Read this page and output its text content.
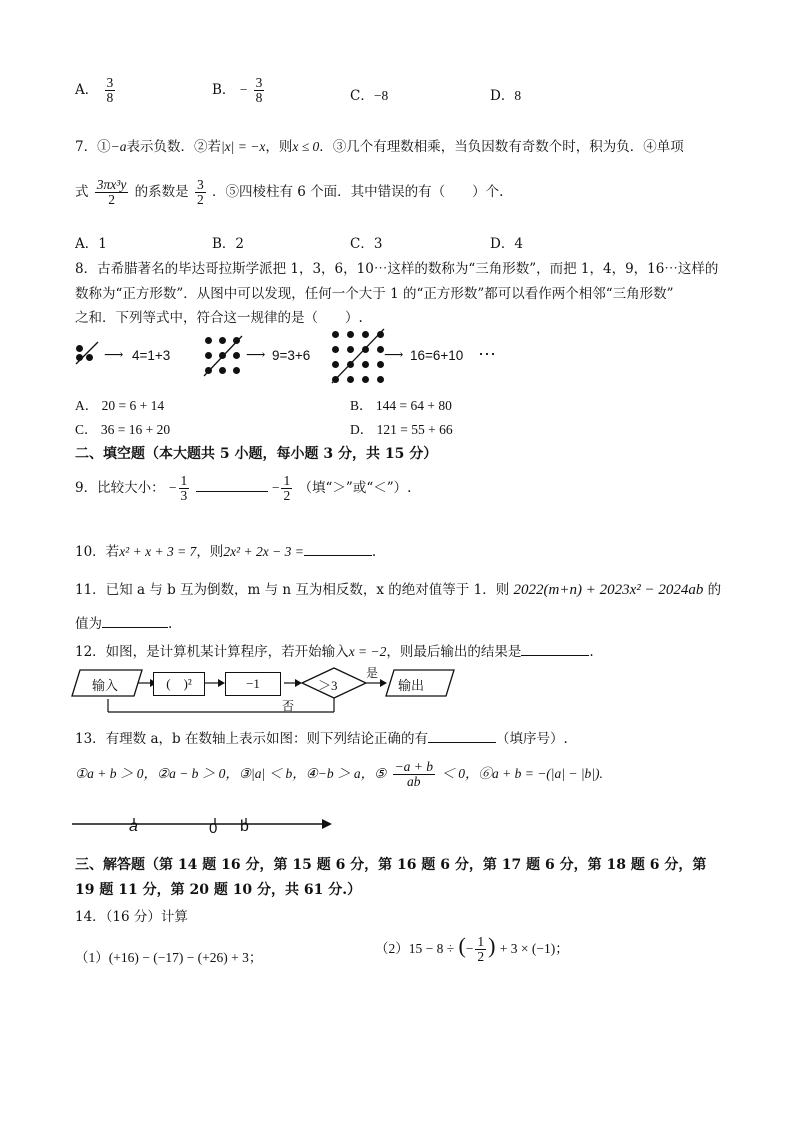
A． $\frac{3}{8}$	B． − $\frac{3}{8}$	C．−8	D．8
7．①−a表示负数．②若|x| = −x，则x ≤ 0．③几个有理数相乘，当负因数有奇数个时，积为负．④单项
式 $\frac{\text{3πx³y}}{2}$ 的系数是 $\frac{3}{2}$ ．⑤四棱柱有 6 个面．其中错误的有（　　）个.
A．1	B．2	C．3	D．4
8．古希腊著名的毕达哥拉斯学派把 1，3，6，10⋯这样的数称为“三角形数”，而把 1，4，9，16⋯这样的
数称为“正方形数”．从图中可以发现，任何一个大于 1 的“正方形数”都可以看作两个相邻“三角形数”
之和．下列等式中，符合这一规律的是（　　）.
⟶ 4=1+3	⟶ 9=3+6	⟶ 16=6+10 ⋯
A． 20 = 6 + 14	B． 144 = 64 + 80
C． 36 = 16 + 20	D． 121 = 55 + 66
二、填空题（本大题共 5 小题，每小题 3 分，共 15 分）
9．比较大小： − $\frac{1}{3}$	− $\frac{1}{2}$ （填“＞”或“＜”）.
10．若x² + x + 3 = 7，则2x² + 2x − 3 =	.
11．已知 a 与 b 互为倒数，m 与 n 互为相反数，x 的绝对值等于 1．则 2022(m+n) + 2023x² − 2024ab 的
值为	.
12．如图，是计算机某计算程序，若开始输入x = −2，则最后输出的结果是	.
输入	(　)²	−1	＞3
是
输出
否
13．有理数 a，b 在数轴上表示如图：则下列结论正确的有	（填序号）.
①a + b ＞ 0，②a − b ＞ 0，③|a| ＜ b，④−b ＞ a，⑤ $\frac{-a + b}{ab} < 0$，⑥a + b = −(|a| − |b|).
a	0 b
三、解答题（第 14 题 16 分，第 15 题 6 分，第 16 题 6 分，第 17 题 6 分，第 18 题 6 分，第
19 题 11 分，第 20 题 10 分，共 61 分.）
14．（16 分）计算
（1）(+16) − (−17) − (+26) + 3；
（2）15 − 8 ÷ (− $\frac{1}{2}$ ) + 3 × (−1)；
